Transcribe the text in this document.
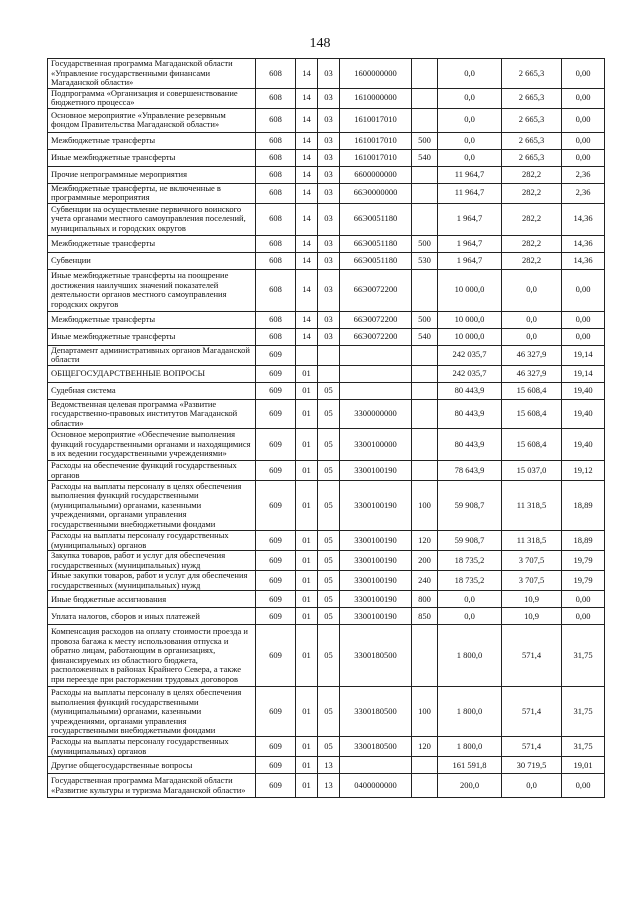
148
Государственная программа Магаданской области «Управление государственными финансами Магаданской области»	608	14	03	1600000000		0,0	2 665,3	0,00
Подпрограмма «Организация и совершенствование бюджетного процесса»	608	14	03	1610000000		0,0	2 665,3	0,00
Основное мероприятие «Управление резервным фондом Правительства Магаданской области»	608	14	03	1610017010		0,0	2 665,3	0,00
Межбюджетные трансферты	608	14	03	1610017010	500	0,0	2 665,3	0,00
Иные межбюджетные трансферты	608	14	03	1610017010	540	0,0	2 665,3	0,00
Прочие непрограммные мероприятия	608	14	03	6600000000		11 964,7	282,2	2,36
Межбюджетные трансферты, не включенные в программные мероприятия	608	14	03	66Э0000000		11 964,7	282,2	2,36
Субвенции на осуществление первичного воинского учета органами местного самоуправления поселений, муниципальных и городских округов	608	14	03	66Э0051180		1 964,7	282,2	14,36
Межбюджетные трансферты	608	14	03	66Э0051180	500	1 964,7	282,2	14,36
Субвенции	608	14	03	66Э0051180	530	1 964,7	282,2	14,36
Иные межбюджетные трансферты на поощрение достижения наилучших значений показателей деятельности органов местного самоуправления городских округов	608	14	03	66Э0072200		10 000,0	0,0	0,00
Межбюджетные трансферты	608	14	03	66Э0072200	500	10 000,0	0,0	0,00
Иные межбюджетные трансферты	608	14	03	66Э0072200	540	10 000,0	0,0	0,00
Департамент административных органов Магаданской области	609					242 035,7	46 327,9	19,14
ОБЩЕГОСУДАРСТВЕННЫЕ ВОПРОСЫ	609	01				242 035,7	46 327,9	19,14
Судебная система	609	01	05			80 443,9	15 608,4	19,40
Ведомственная целевая программа «Развитие государственно-правовых институтов Магаданской области»	609	01	05	3300000000		80 443,9	15 608,4	19,40
Основное мероприятие «Обеспечение выполнения функций государственными органами и находящимися в их ведении государственными учреждениями»	609	01	05	3300100000		80 443,9	15 608,4	19,40
Расходы на обеспечение функций государственных органов	609	01	05	3300100190		78 643,9	15 037,0	19,12
Расходы на выплаты персоналу в целях обеспечения выполнения функций государственными (муниципальными) органами, казенными учреждениями, органами управления государственными внебюджетными фондами	609	01	05	3300100190	100	59 908,7	11 318,5	18,89
Расходы на выплаты персоналу государственных (муниципальных) органов	609	01	05	3300100190	120	59 908,7	11 318,5	18,89
Закупка товаров, работ и услуг для обеспечения государственных (муниципальных) нужд	609	01	05	3300100190	200	18 735,2	3 707,5	19,79
Иные закупки товаров, работ и услуг для обеспечения государственных (муниципальных) нужд	609	01	05	3300100190	240	18 735,2	3 707,5	19,79
Иные бюджетные ассигнования	609	01	05	3300100190	800	0,0	10,9	0,00
Уплата налогов, сборов и иных платежей	609	01	05	3300100190	850	0,0	10,9	0,00
Компенсация расходов на оплату стоимости проезда и провоза багажа к месту использования отпуска и обратно лицам, работающим в организациях, финансируемых из областного бюджета, расположенных в районах Крайнего Севера, а также при переезде при расторжении трудовых договоров	609	01	05	3300180500		1 800,0	571,4	31,75
Расходы на выплаты персоналу в целях обеспечения выполнения функций государственными (муниципальными) органами, казенными учреждениями, органами управления государственными внебюджетными фондами	609	01	05	3300180500	100	1 800,0	571,4	31,75
Расходы на выплаты персоналу государственных (муниципальных) органов	609	01	05	3300180500	120	1 800,0	571,4	31,75
Другие общегосударственные вопросы	609	01	13			161 591,8	30 719,5	19,01
Государственная программа Магаданской области «Развитие культуры и туризма Магаданской области»	609	01	13	0400000000		200,0	0,0	0,00
